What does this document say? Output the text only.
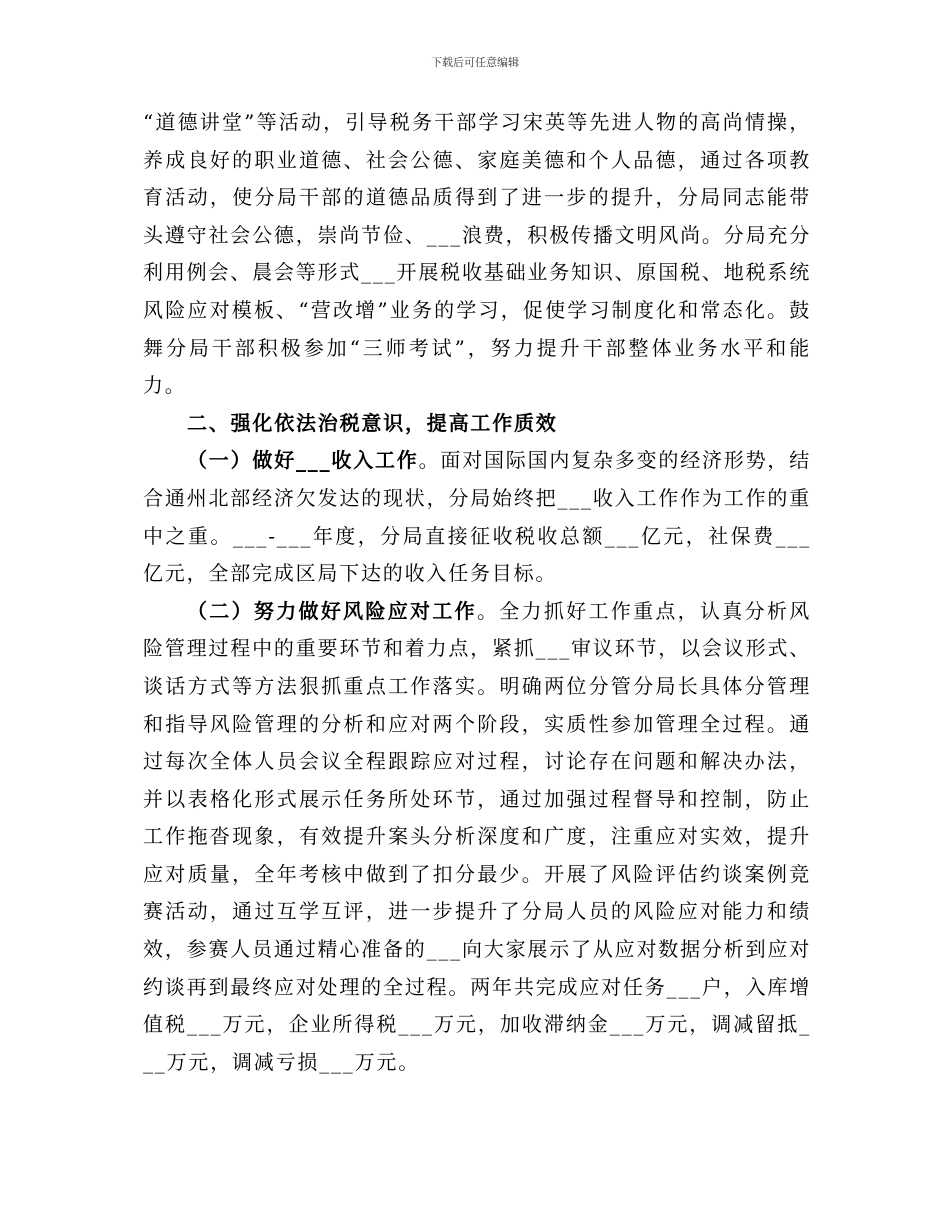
下载后可任意编辑

“道德讲堂”等活动，引导税务干部学习宋英等先进人物的高尚情操，养成良好的职业道德、社会公德、家庭美德和个人品德，通过各项教育活动，使分局干部的道德品质得到了进一步的提升，分局同志能带头遵守社会公德，崇尚节俭、___浪费，积极传播文明风尚。分局充分利用例会、晨会等形式___开展税收基础业务知识、原国税、地税系统风险应对模板、“营改增”业务的学习，促使学习制度化和常态化。鼓舞分局干部积极参加“三师考试”，努力提升干部整体业务水平和能力。

二、强化依法治税意识，提高工作质效

（一）做好___收入工作。面对国际国内复杂多变的经济形势，结合通州北部经济欠发达的现状，分局始终把___收入工作作为工作的重中之重。___-___年度，分局直接征收税收总额___亿元，社保费___亿元，全部完成区局下达的收入任务目标。

（二）努力做好风险应对工作。全力抓好工作重点，认真分析风险管理过程中的重要环节和着力点，紧抓___审议环节，以会议形式、谈话方式等方法狠抓重点工作落实。明确两位分管分局长具体分管理和指导风险管理的分析和应对两个阶段，实质性参加管理全过程。通过每次全体人员会议全程跟踪应对过程，讨论存在问题和解决办法，并以表格化形式展示任务所处环节，通过加强过程督导和控制，防止工作拖沓现象，有效提升案头分析深度和广度，注重应对实效，提升应对质量，全年考核中做到了扣分最少。开展了风险评估约谈案例竞赛活动，通过互学互评，进一步提升了分局人员的风险应对能力和绩效，参赛人员通过精心准备的___向大家展示了从应对数据分析到应对约谈再到最终应对处理的全过程。两年共完成应对任务___户，入库增值税___万元，企业所得税___万元，加收滞纳金___万元，调减留抵___万元，调减亏损___万元。
